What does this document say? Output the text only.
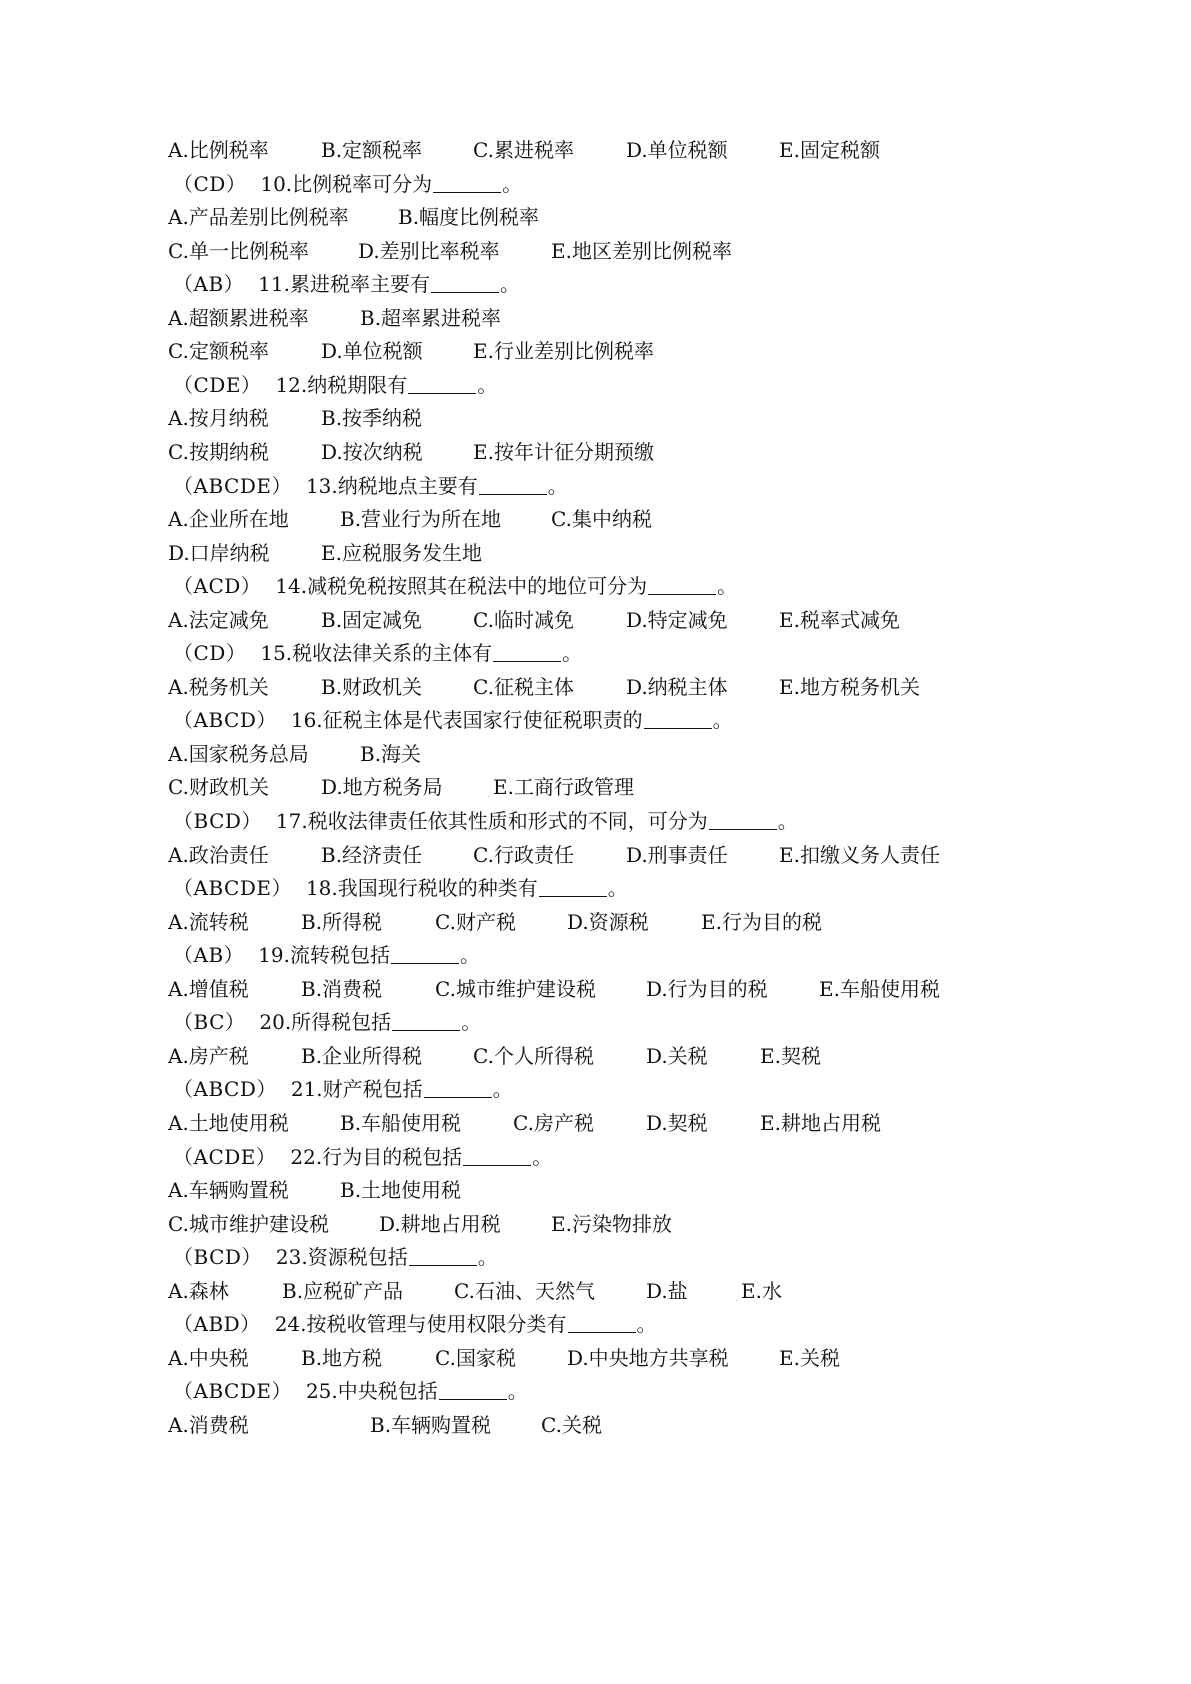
A.比例税率	B.定额税率	C.累进税率	D.单位税额	E.固定税额
（CD） 10.比例税率可分为	。
A.产品差别比例税率 B.幅度比例税率
C.单一比例税率 D.差别比率税率	E.地区差别比例税率
（AB） 11.累进税率主要有	。
A.超额累进税率	B.超率累进税率
C.定额税率	D.单位税额	E.行业差别比例税率
（CDE） 12.纳税期限有	。
A.按月纳税	B.按季纳税
C.按期纳税	D.按次纳税	E.按年计征分期预缴
（ABCDE） 13.纳税地点主要有	。
A.企业所在地	B.营业行为所在地 C.集中纳税
D.口岸纳税	E.应税服务发生地
（ACD） 14.减税免税按照其在税法中的地位可分为	。
A.法定减免	B.固定减免	C.临时减免	D.特定减免	E.税率式减免
（CD） 15.税收法律关系的主体有	。
A.税务机关	B.财政机关	C.征税主体	D.纳税主体	E.地方税务机关
（ABCD） 16.征税主体是代表国家行使征税职责的	。
A.国家税务总局	B.海关
C.财政机关	D.地方税务局	E.工商行政管理
（BCD） 17.税收法律责任依其性质和形式的不同，可分为	。
A.政治责任	B.经济责任	C.行政责任	D.刑事责任	E.扣缴义务人责任
（ABCDE） 18.我国现行税收的种类有	。
A.流转税	B.所得税	C.财产税	D.资源税	E.行为目的税
（AB） 19.流转税包括	。
A.增值税	B.消费税	C.城市维护建设税	D.行为目的税	E.车船使用税
（BC） 20.所得税包括	。
A.房产税	B.企业所得税	C.个人所得税	D.关税	E.契税
（ABCD） 21.财产税包括	。
A.土地使用税	B.车船使用税	C.房产税	D.契税	E.耕地占用税
（ACDE） 22.行为目的税包括	。
A.车辆购置税	B.土地使用税
C.城市维护建设税	D.耕地占用税	E.污染物排放
（BCD） 23.资源税包括	。
A.森林	B.应税矿产品	C.石油、天然气	D.盐	E.水
（ABD） 24.按税收管理与使用权限分类有	。
A.中央税	B.地方税	C.国家税	D.中央地方共享税	E.关税
（ABCDE） 25.中央税包括	。
A.消费税	B.车辆购置税 C.关税
